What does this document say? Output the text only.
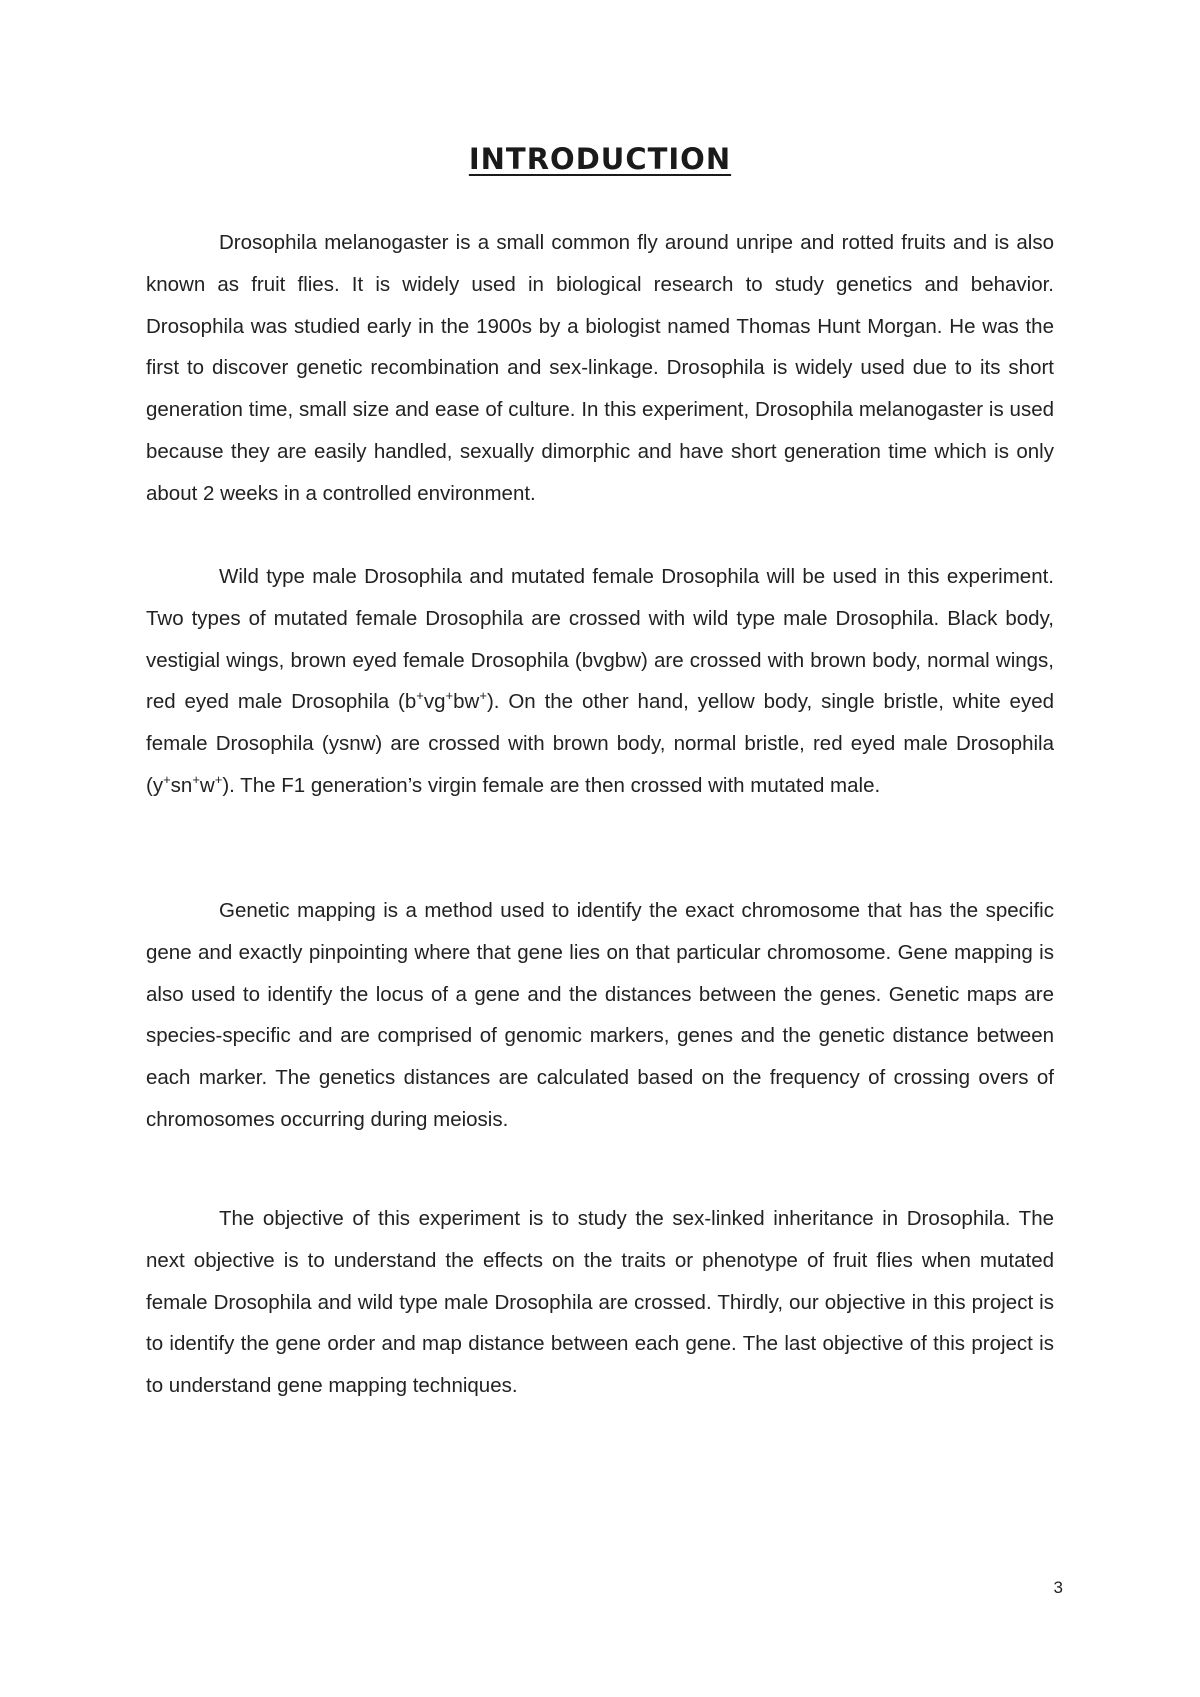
INTRODUCTION

Drosophila melanogaster is a small common fly around unripe and rotted fruits and is also known as fruit flies. It is widely used in biological research to study genetics and behavior. Drosophila was studied early in the 1900s by a biologist named Thomas Hunt Morgan. He was the first to discover genetic recombination and sex-linkage. Drosophila is widely used due to its short generation time, small size and ease of culture. In this experiment, Drosophila melanogaster is used because they are easily handled, sexually dimorphic and have short generation time which is only about 2 weeks in a controlled environment.

Wild type male Drosophila and mutated female Drosophila will be used in this experiment. Two types of mutated female Drosophila are crossed with wild type male Drosophila. Black body, vestigial wings, brown eyed female Drosophila (bvgbw) are crossed with brown body, normal wings, red eyed male Drosophila (b+vg+bw+). On the other hand, yellow body, single bristle, white eyed female Drosophila (ysnw) are crossed with brown body, normal bristle, red eyed male Drosophila (y+sn+w+). The F1 generation’s virgin female are then crossed with mutated male.

Genetic mapping is a method used to identify the exact chromosome that has the specific gene and exactly pinpointing where that gene lies on that particular chromosome. Gene mapping is also used to identify the locus of a gene and the distances between the genes. Genetic maps are species-specific and are comprised of genomic markers, genes and the genetic distance between each marker. The genetics distances are calculated based on the frequency of crossing overs of chromosomes occurring during meiosis.

The objective of this experiment is to study the sex-linked inheritance in Drosophila. The next objective is to understand the effects on the traits or phenotype of fruit flies when mutated female Drosophila and wild type male Drosophila are crossed. Thirdly, our objective in this project is to identify the gene order and map distance between each gene. The last objective of this project is to understand gene mapping techniques.

3
